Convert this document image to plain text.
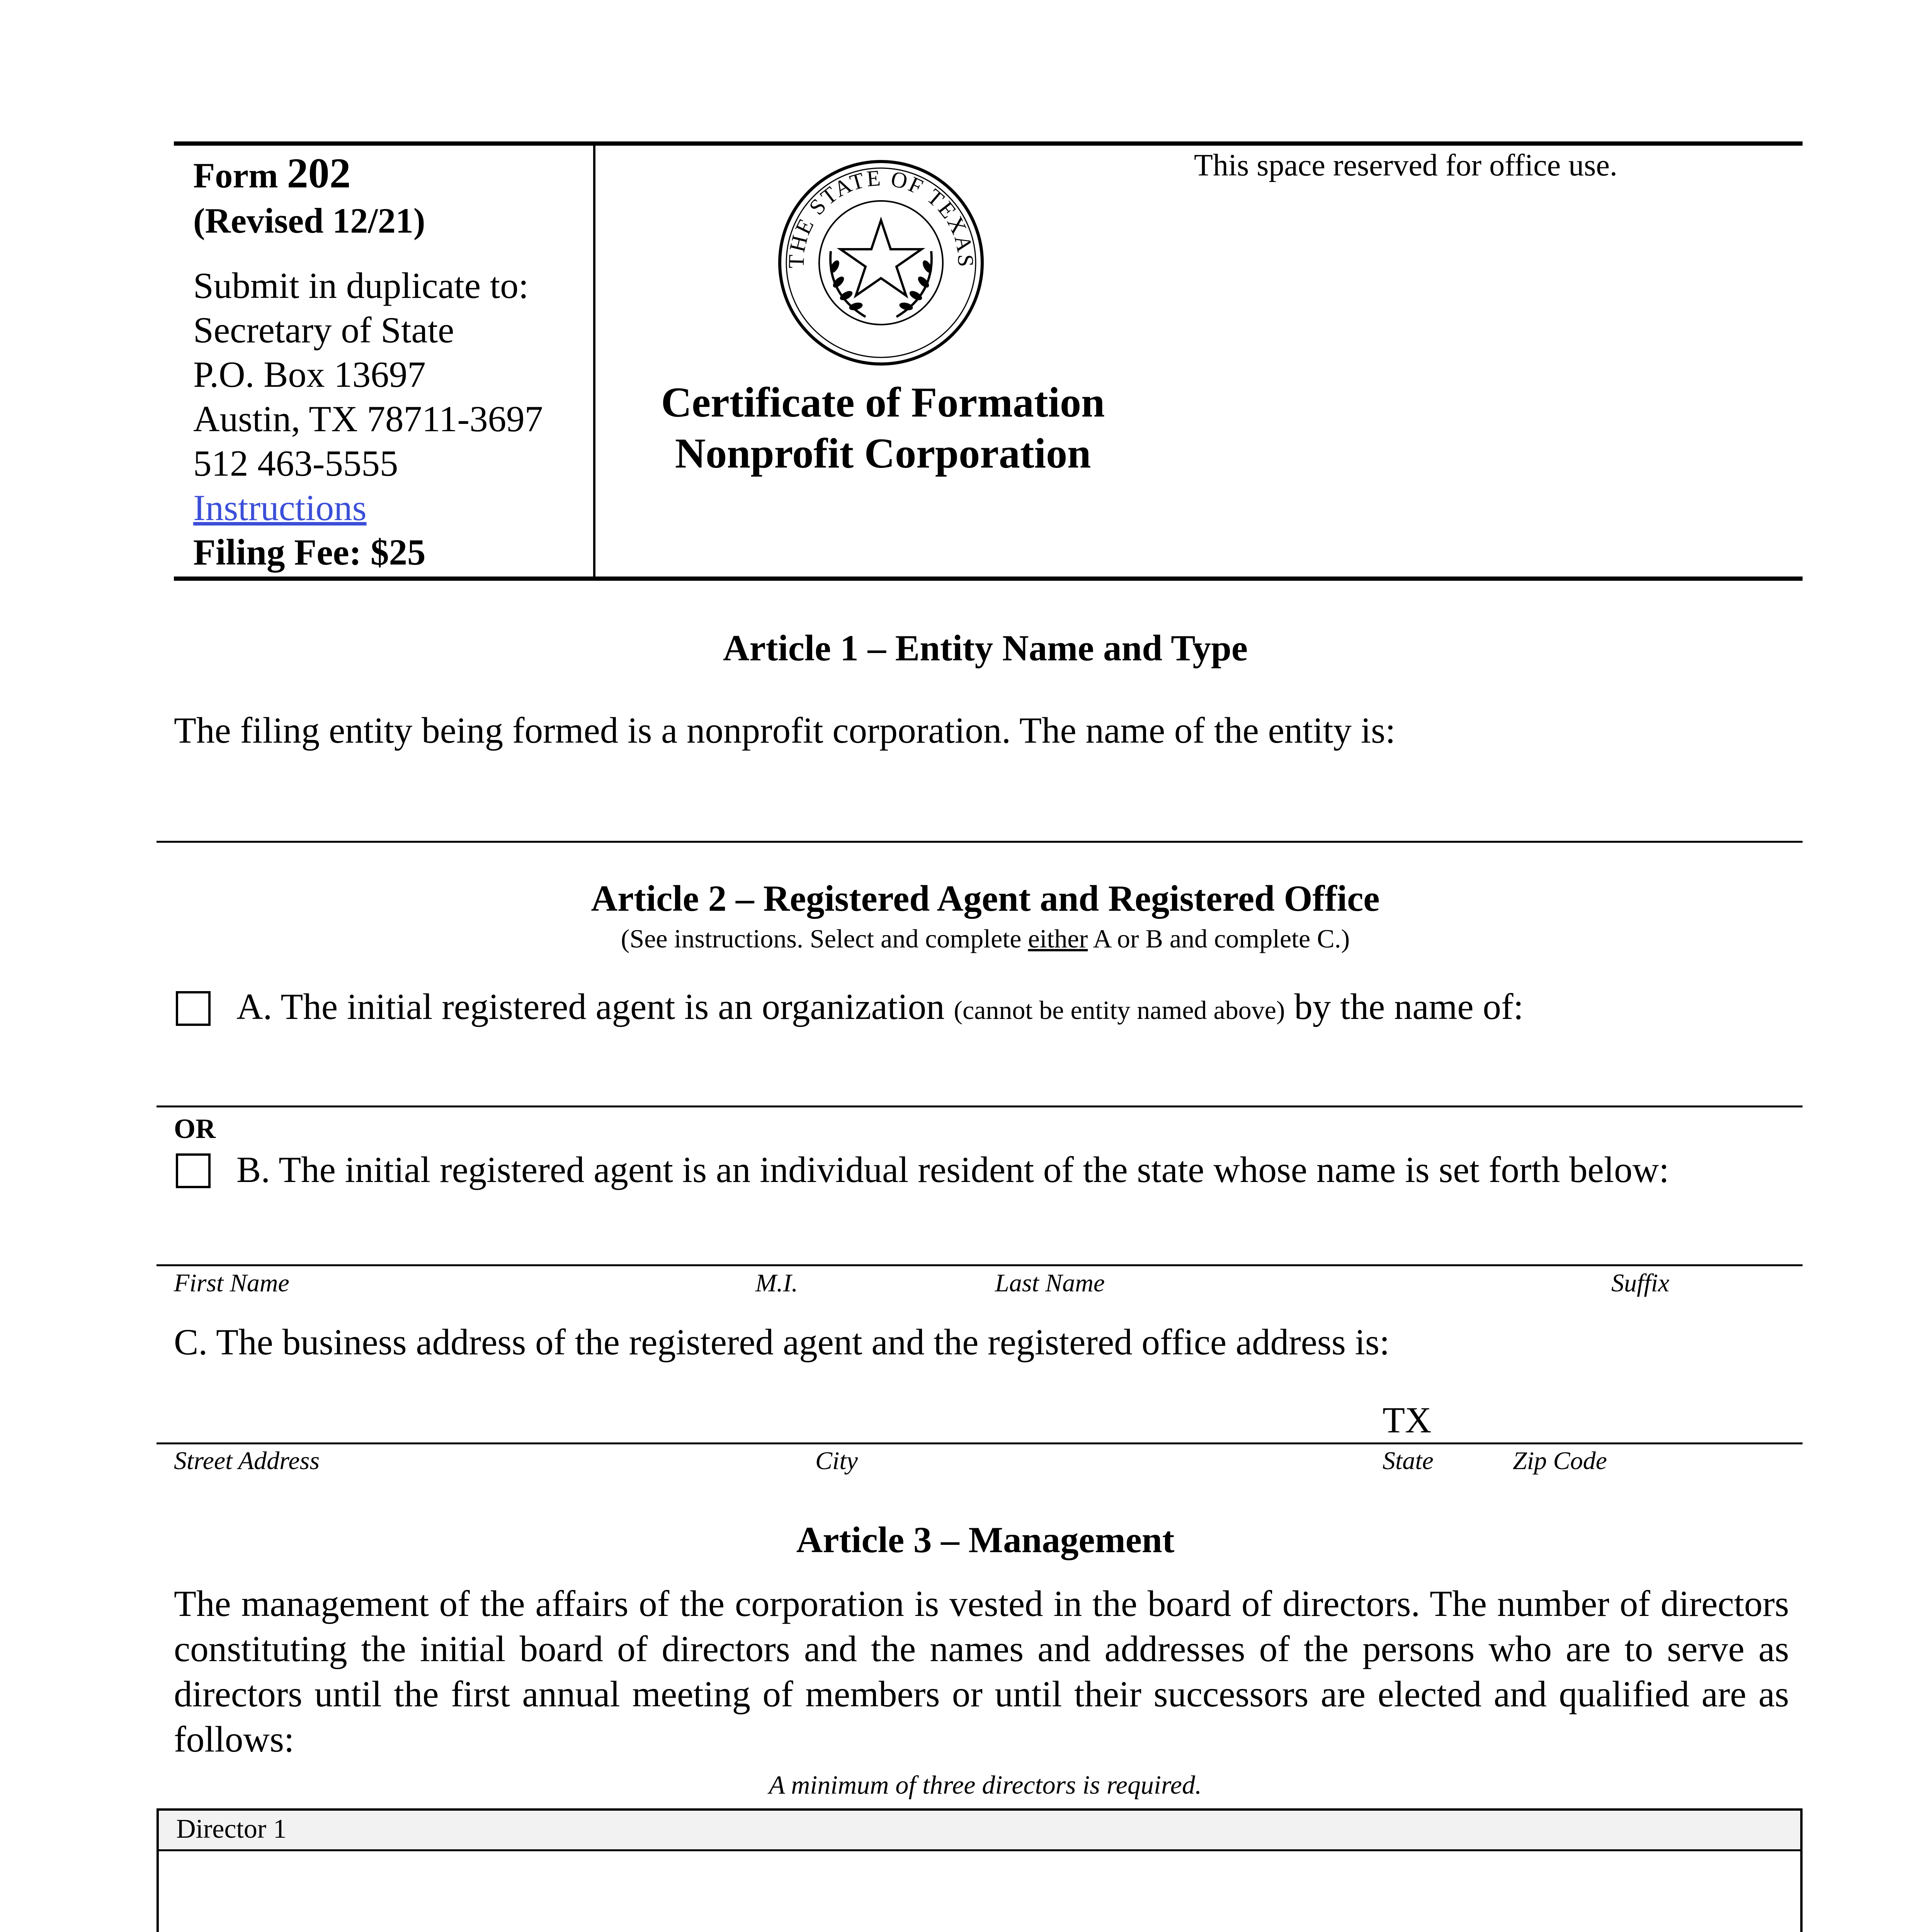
Form 202
(Revised 12/21)
Submit in duplicate to:
Secretary of State
P.O. Box 13697
Austin, TX 78711-3697
512 463-5555
Instructions
Filing Fee: $25
THE STATE OF TEXAS
Certificate of Formation
Nonprofit Corporation
This space reserved for office use.
Article 1 – Entity Name and Type
The filing entity being formed is a nonprofit corporation. The name of the entity is:
Article 2 – Registered Agent and Registered Office
(See instructions. Select and complete either A or B and complete C.)
A. The initial registered agent is an organization (cannot be entity named above) by the name of:
OR
B. The initial registered agent is an individual resident of the state whose name is set forth below:
First Name	M.I.	Last Name	Suffix
C. The business address of the registered agent and the registered office address is:
TX
Street Address	City	State	Zip Code
Article 3 – Management
The management of the affairs of the corporation is vested in the board of directors. The number of directors constituting the initial board of directors and the names and addresses of the persons who are to serve as directors until the first annual meeting of members or until their successors are elected and qualified are as follows:
A minimum of three directors is required.
Director 1
